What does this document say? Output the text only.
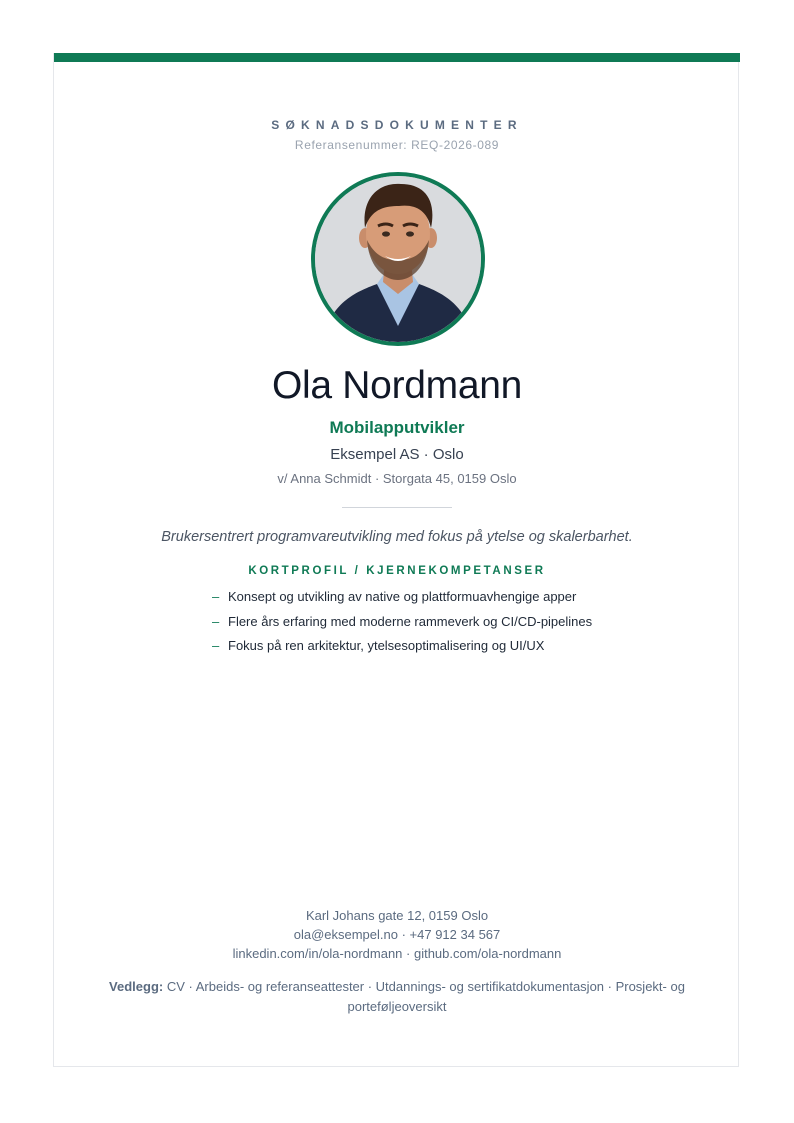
SØKNADSDOKUMENTER
Referansenummer: REQ-2026-089
Ola Nordmann
Mobilapputvikler
Eksempel AS · Oslo
v/ Anna Schmidt · Storgata 45, 0159 Oslo
Brukersentrert programvareutvikling med fokus på ytelse og skalerbarhet.
KORTPROFIL / KJERNEKOMPETANSER
– Konsept og utvikling av native og plattformuavhengige apper
– Flere års erfaring med moderne rammeverk og CI/CD-pipelines
– Fokus på ren arkitektur, ytelsesoptimalisering og UI/UX
Karl Johans gate 12, 0159 Oslo
ola@eksempel.no · +47 912 34 567
linkedin.com/in/ola-nordmann · github.com/ola-nordmann
Vedlegg: CV · Arbeids- og referanseattester · Utdannings- og sertifikatdokumentasjon · Prosjekt- og porteføljeoversikt
